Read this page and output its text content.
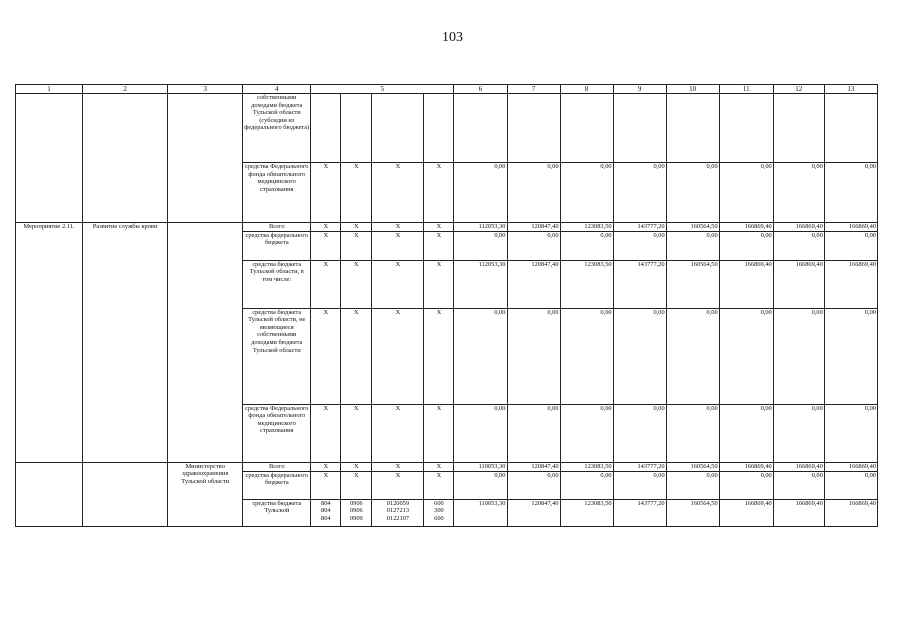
103
1	2	3	4	5				6	7	8	9	10	11	12	13
			собственными доходами бюджета Тульской области (субсидии из федерального бюджета)												
			средства Федерального фонда обязательного медицинского страхования	X	X	X	X	0,00	0,00	0,00	0,00	0,00	0,00	0,00	0,00
Мероприятие 2.11.	Развитие службы крови		Всего	X	X	X	X	112053,30	120847,40	123083,50	143777,20	160564,50	166869,40	166869,40	166869,40
			средства федерального бюджета	X	X	X	X	0,00	0,00	0,00	0,00	0,00	0,00	0,00	0,00
			средства бюджета Тульской области, в том числе:	X	X	X	X	112053,30	120847,40	123083,50	143777,20	160564,50	166869,40	166869,40	166869,40
			средства бюджета Тульской области, не являющиеся собственными доходами бюджета Тульской области	X	X	X	X	0,00	0,00	0,00	0,00	0,00	0,00	0,00	0,00
			средства Федерального фонда обязательного медицинского страхования	X	X	X	X	0,00	0,00	0,00	0,00	0,00	0,00	0,00	0,00
		Министерство здравоохранения Тульской области	Всего	X	X	X	X	110053,30	120847,40	123083,50	143777,20	160564,50	166869,40	166869,40	166869,40
			средства федерального бюджета	X	X	X	X	0,00	0,00	0,00	0,00	0,00	0,00	0,00	0,00
			средства бюджета Тульской	804
804
804	0906
0906
0909	0120059
0127213
0122107	600
300
600	110053,30	120847,40	123083,50	143777,20	160564,50	166869,40	166869,40	166869,40
